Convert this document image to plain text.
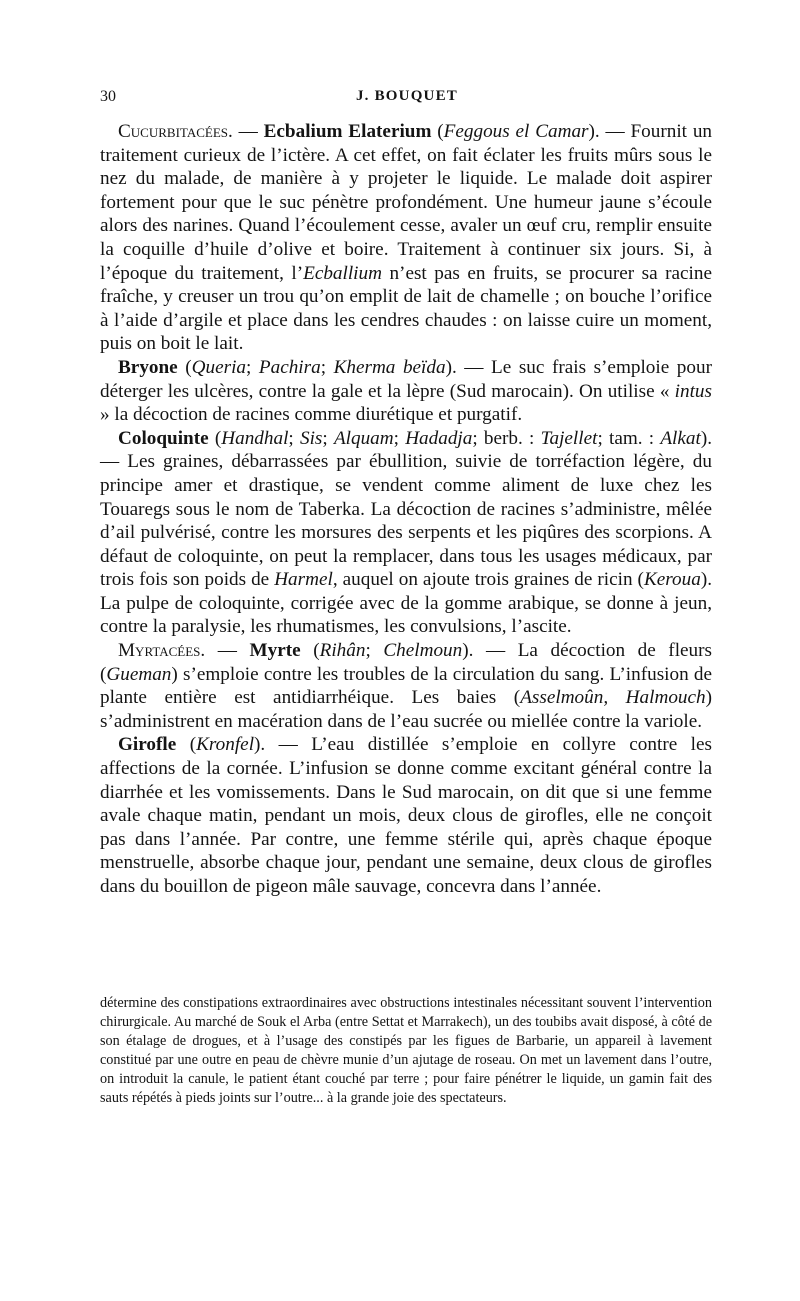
30	J. BOUQUET

Cucurbitacées. — Ecbalium Elaterium (Feggous el Camar). — Fournit un traitement curieux de l’ictère. A cet effet, on fait éclater les fruits mûrs sous le nez du malade, de manière à y projeter le liquide. Le malade doit aspirer fortement pour que le suc pénètre profondément. Une humeur jaune s’écoule alors des narines. Quand l’écoulement cesse, avaler un œuf cru, remplir ensuite la coquille d’huile d’olive et boire. Traitement à continuer six jours. Si, à l’époque du traitement, l’Ecballium n’est pas en fruits, se procurer sa racine fraîche, y creuser un trou qu’on emplit de lait de chamelle ; on bouche l’orifice à l’aide d’argile et place dans les cendres chaudes : on laisse cuire un moment, puis on boit le lait.

Bryone (Queria; Pachira; Kherma beïda). — Le suc frais s’emploie pour déterger les ulcères, contre la gale et la lèpre (Sud marocain). On utilise « intus » la décoction de racines comme diurétique et purgatif.

Coloquinte (Handhal; Sis; Alquam; Hadadja; berb. : Tajellet; tam. : Alkat). — Les graines, débarrassées par ébullition, suivie de torréfaction légère, du principe amer et drastique, se vendent comme aliment de luxe chez les Touaregs sous le nom de Taberka. La décoction de racines s’administre, mêlée d’ail pulvérisé, contre les morsures des serpents et les piqûres des scorpions. A défaut de coloquinte, on peut la remplacer, dans tous les usages médicaux, par trois fois son poids de Harmel, auquel on ajoute trois graines de ricin (Keroua). La pulpe de coloquinte, corrigée avec de la gomme arabique, se donne à jeun, contre la paralysie, les rhumatismes, les convulsions, l’ascite.

Myrtacées. — Myrte (Rihân; Chelmoun). — La décoction de fleurs (Gueman) s’emploie contre les troubles de la circulation du sang. L’infusion de plante entière est antidiarrhéique. Les baies (Asselmoûn, Halmouch) s’administrent en macération dans de l’eau sucrée ou miellée contre la variole.

Girofle (Kronfel). — L’eau distillée s’emploie en collyre contre les affections de la cornée. L’infusion se donne comme excitant général contre la diarrhée et les vomissements. Dans le Sud marocain, on dit que si une femme avale chaque matin, pendant un mois, deux clous de girofles, elle ne conçoit pas dans l’année. Par contre, une femme stérile qui, après chaque époque menstruelle, absorbe chaque jour, pendant une semaine, deux clous de girofles dans du bouillon de pigeon mâle sauvage, concevra dans l’année.

détermine des constipations extraordinaires avec obstructions intestinales nécessitant souvent l’intervention chirurgicale. Au marché de Souk el Arba (entre Settat et Marrakech), un des toubibs avait disposé, à côté de son étalage de drogues, et à l’usage des constipés par les figues de Barbarie, un appareil à lavement constitué par une outre en peau de chèvre munie d’un ajutage de roseau. On met un lavement dans l’outre, on introduit la canule, le patient étant couché par terre ; pour faire pénétrer le liquide, un gamin fait des sauts répétés à pieds joints sur l’outre... à la grande joie des spectateurs.
